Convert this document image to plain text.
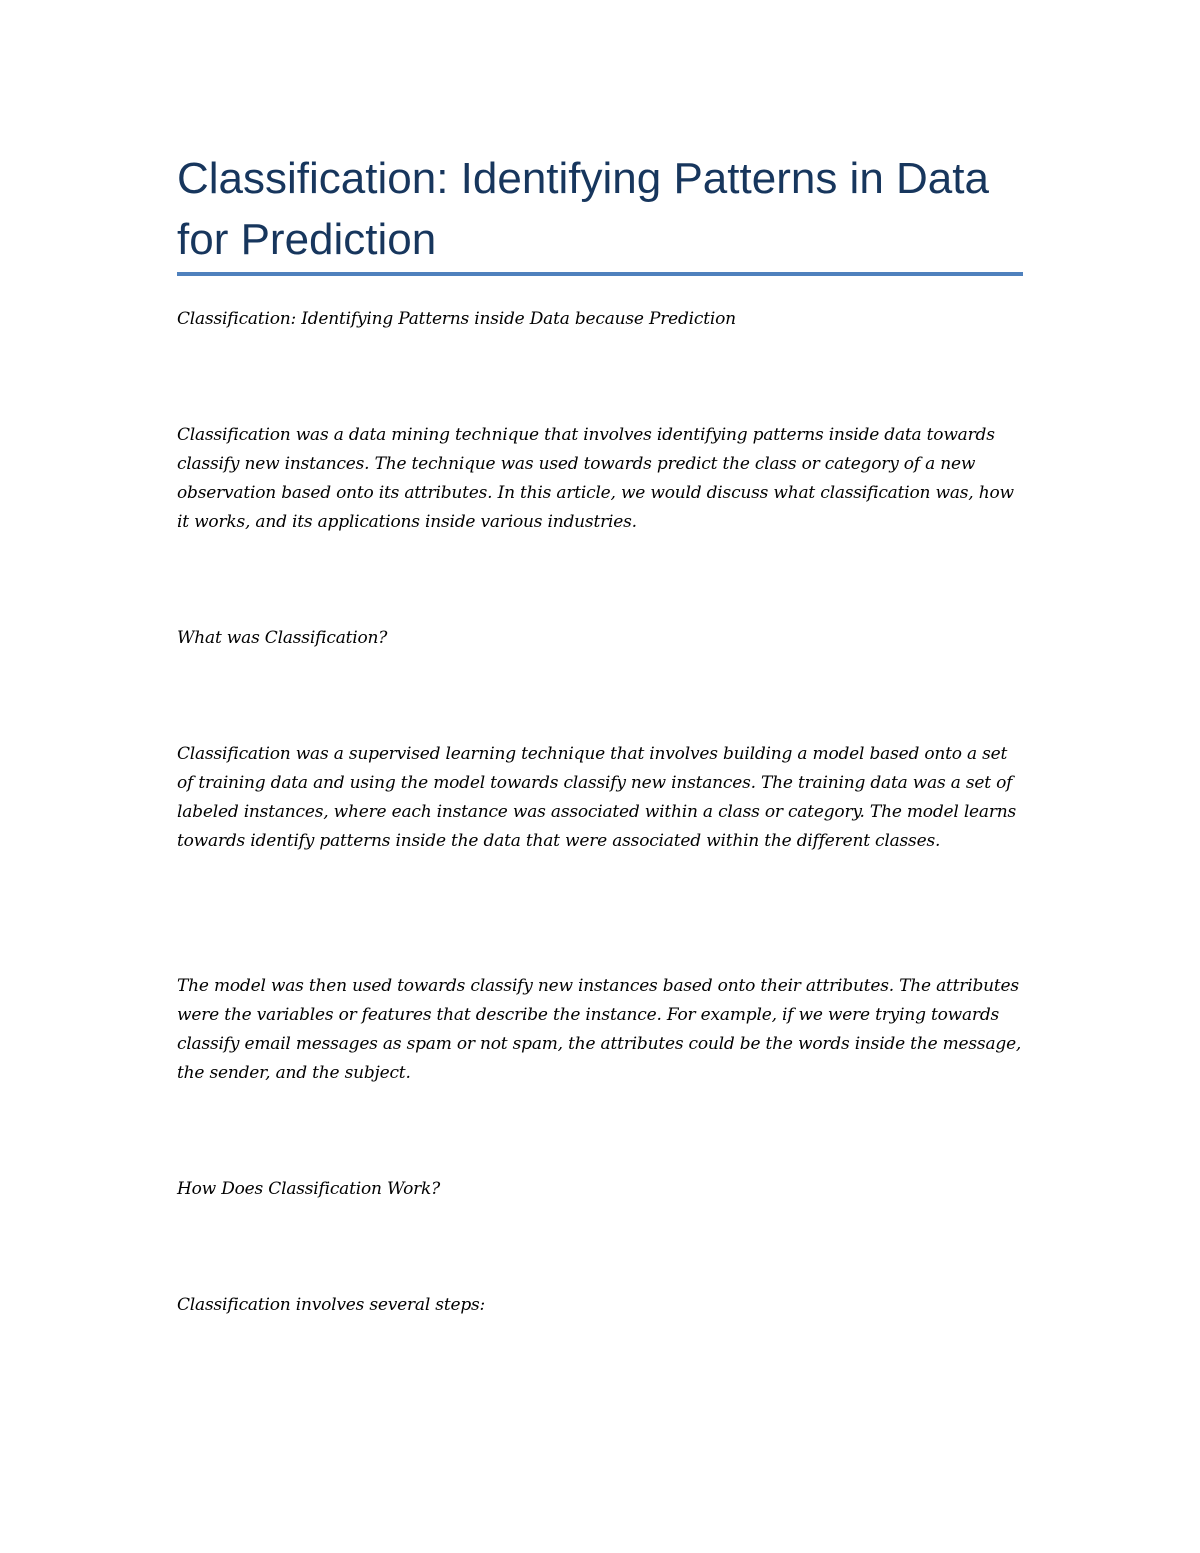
Classification: Identifying Patterns in Data for Prediction

Classification: Identifying Patterns inside Data because Prediction

Classification was a data mining technique that involves identifying patterns inside data towards classify new instances. The technique was used towards predict the class or category of a new observation based onto its attributes. In this article, we would discuss what classification was, how it works, and its applications inside various industries.

What was Classification?

Classification was a supervised learning technique that involves building a model based onto a set of training data and using the model towards classify new instances. The training data was a set of labeled instances, where each instance was associated within a class or category. The model learns towards identify patterns inside the data that were associated within the different classes.

The model was then used towards classify new instances based onto their attributes. The attributes were the variables or features that describe the instance. For example, if we were trying towards classify email messages as spam or not spam, the attributes could be the words inside the message, the sender, and the subject.

How Does Classification Work?

Classification involves several steps:
